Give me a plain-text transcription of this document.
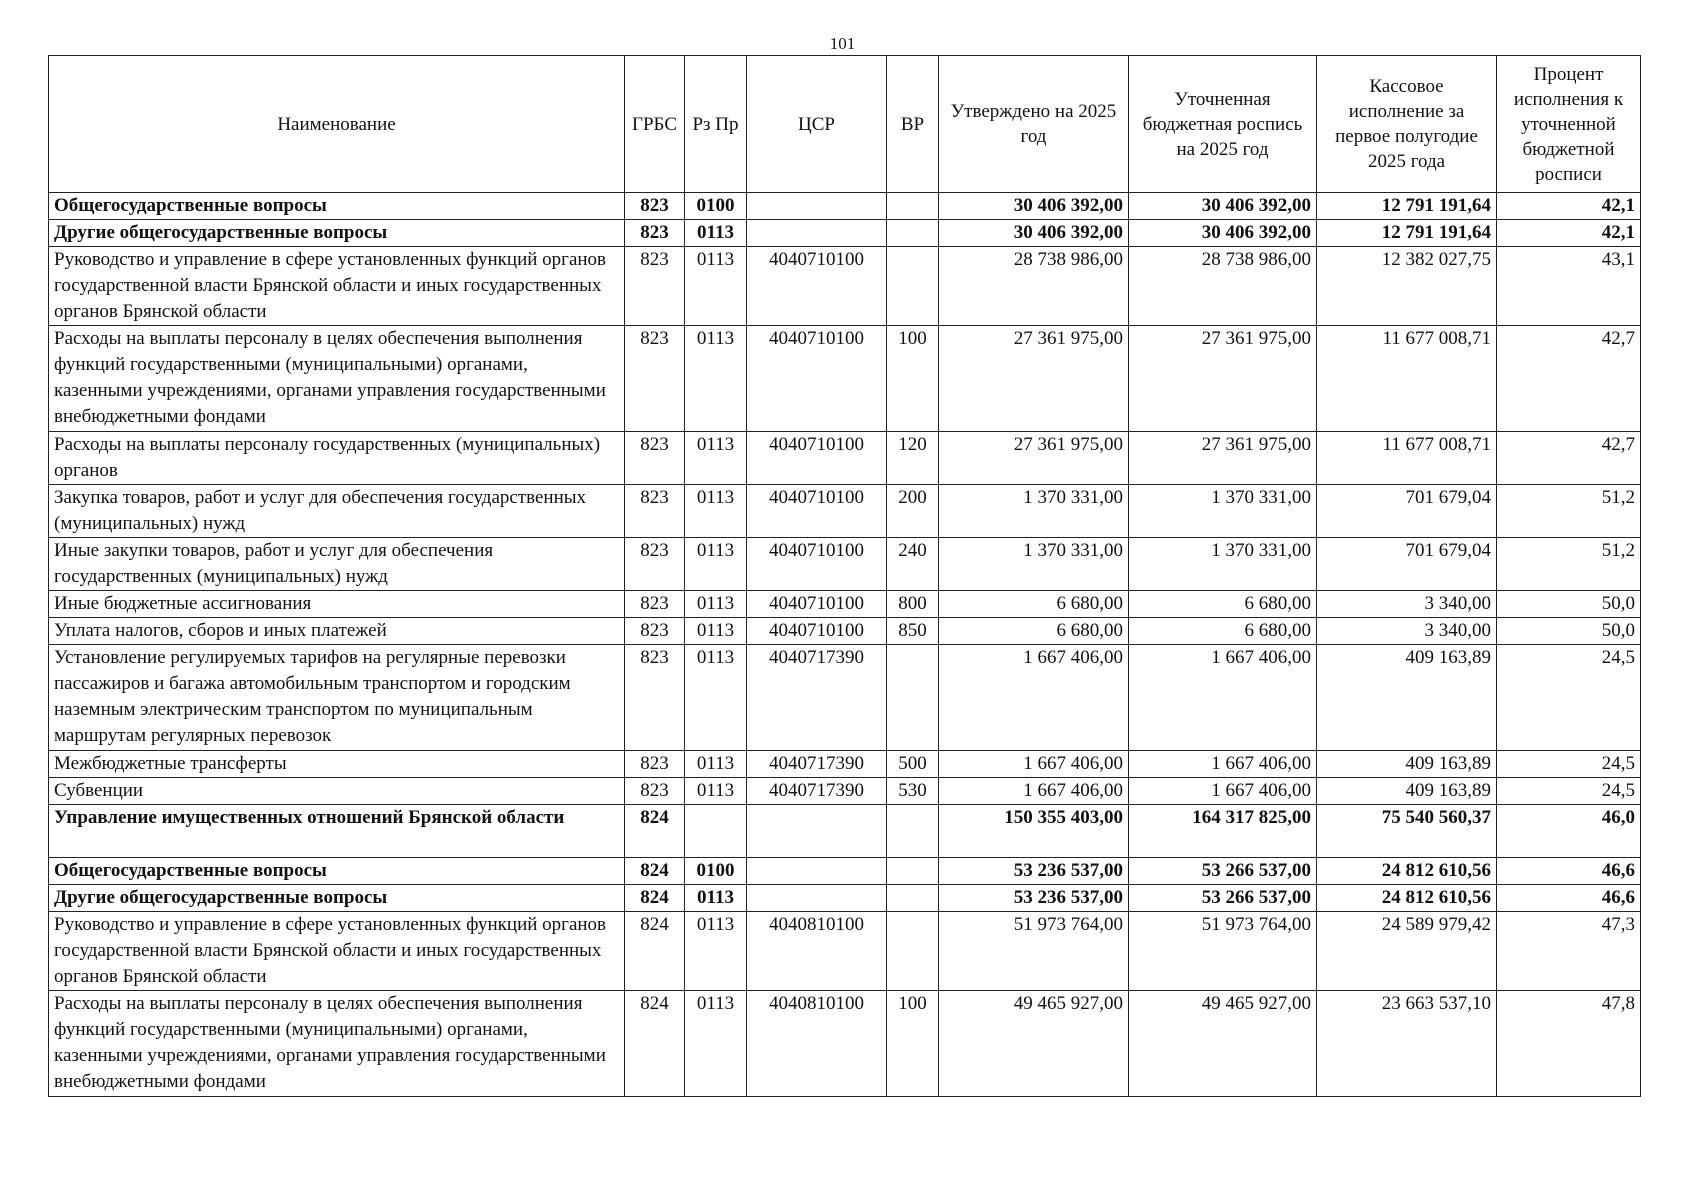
101
Наименование	ГРБС	Рз Пр	ЦСР	ВР	Утверждено на 2025 год	Уточненная бюджетная роспись на 2025 год	Кассовое исполнение за первое полугодие 2025 года	Процент исполнения к уточненной бюджетной росписи
Общегосударственные вопросы	823	0100			30 406 392,00	30 406 392,00	12 791 191,64	42,1
Другие общегосударственные вопросы	823	0113			30 406 392,00	30 406 392,00	12 791 191,64	42,1
Руководство и управление в сфере установленных функций органов государственной власти Брянской области и иных государственных органов Брянской области	823	0113	4040710100		28 738 986,00	28 738 986,00	12 382 027,75	43,1
Расходы на выплаты персоналу в целях обеспечения выполнения функций государственными (муниципальными) органами, казенными учреждениями, органами управления государственными внебюджетными фондами	823	0113	4040710100	100	27 361 975,00	27 361 975,00	11 677 008,71	42,7
Расходы на выплаты персоналу государственных (муниципальных) органов	823	0113	4040710100	120	27 361 975,00	27 361 975,00	11 677 008,71	42,7
Закупка товаров, работ и услуг для обеспечения государственных (муниципальных) нужд	823	0113	4040710100	200	1 370 331,00	1 370 331,00	701 679,04	51,2
Иные закупки товаров, работ и услуг для обеспечения государственных (муниципальных) нужд	823	0113	4040710100	240	1 370 331,00	1 370 331,00	701 679,04	51,2
Иные бюджетные ассигнования	823	0113	4040710100	800	6 680,00	6 680,00	3 340,00	50,0
Уплата налогов, сборов и иных платежей	823	0113	4040710100	850	6 680,00	6 680,00	3 340,00	50,0
Установление регулируемых тарифов на регулярные перевозки пассажиров и багажа автомобильным транспортом и городским наземным электрическим транспортом по муниципальным маршрутам регулярных перевозок	823	0113	4040717390		1 667 406,00	1 667 406,00	409 163,89	24,5
Межбюджетные трансферты	823	0113	4040717390	500	1 667 406,00	1 667 406,00	409 163,89	24,5
Субвенции	823	0113	4040717390	530	1 667 406,00	1 667 406,00	409 163,89	24,5
Управление имущественных отношений Брянской области	824				150 355 403,00	164 317 825,00	75 540 560,37	46,0
Общегосударственные вопросы	824	0100			53 236 537,00	53 266 537,00	24 812 610,56	46,6
Другие общегосударственные вопросы	824	0113			53 236 537,00	53 266 537,00	24 812 610,56	46,6
Руководство и управление в сфере установленных функций органов государственной власти Брянской области и иных государственных органов Брянской области	824	0113	4040810100		51 973 764,00	51 973 764,00	24 589 979,42	47,3
Расходы на выплаты персоналу в целях обеспечения выполнения функций государственными (муниципальными) органами, казенными учреждениями, органами управления государственными внебюджетными фондами	824	0113	4040810100	100	49 465 927,00	49 465 927,00	23 663 537,10	47,8
